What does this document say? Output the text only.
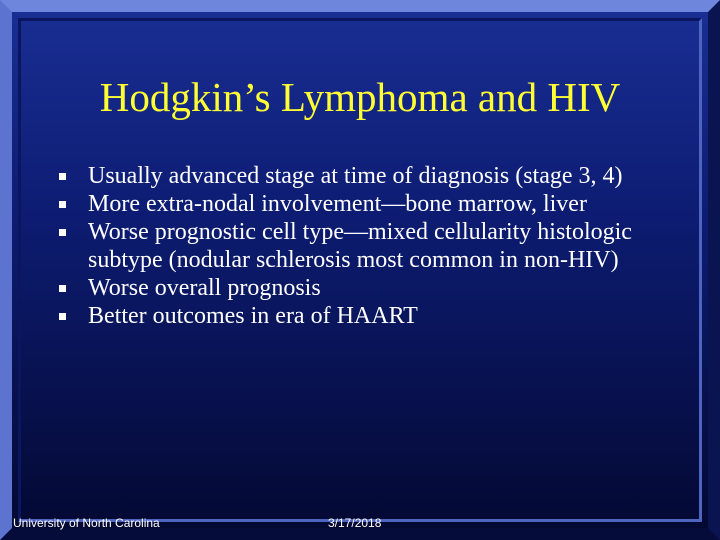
Hodgkin’s Lymphoma and HIV
Usually advanced stage at time of diagnosis (stage 3, 4)
More extra-nodal involvement—bone marrow, liver
Worse prognostic cell type—mixed cellularity histologic subtype (nodular schlerosis most common in non-HIV)
Worse overall prognosis
Better outcomes in era of HAART
University of North Carolina	3/17/2018
